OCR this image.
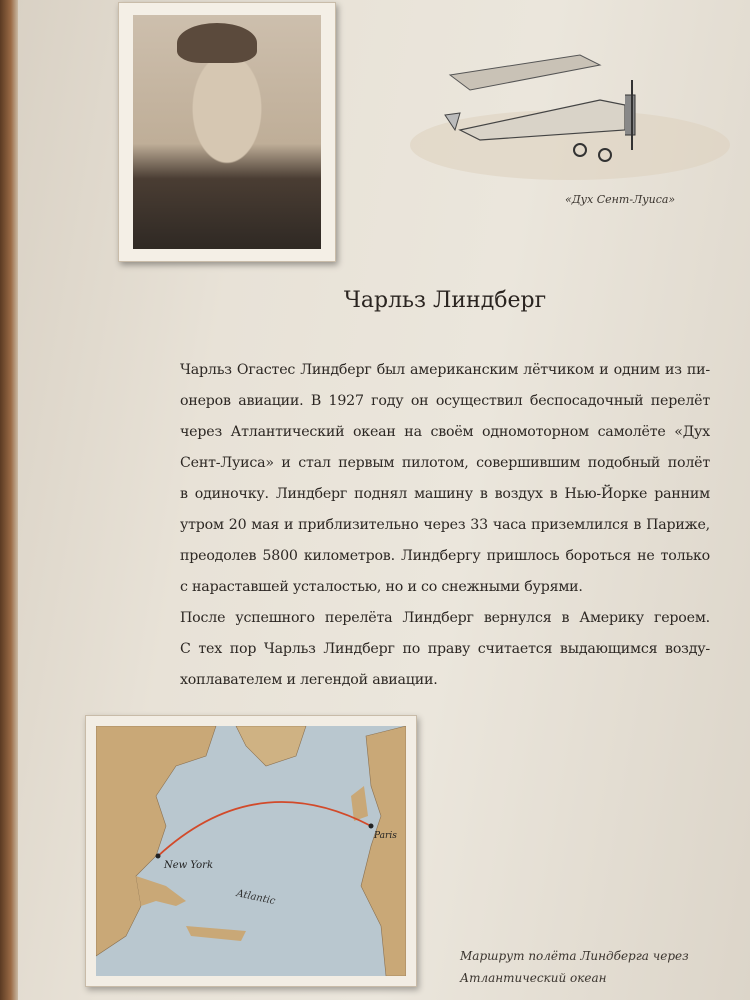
«Дух Сент-Луиса»
Чарльз Линдберг
Чарльз Огастес Линдберг был американским лётчиком и одним из пи-
онеров авиации. В 1927 году он осуществил беспосадочный перелёт
через Атлантический океан на своём одномоторном самолёте «Дух
Сент-Луиса» и стал первым пилотом, совершившим подобный полёт
в одиночку. Линдберг поднял машину в воздух в Нью-Йорке ранним
утром 20 мая и приблизительно через 33 часа приземлился в Париже,
преодолев 5800 километров. Линдбергу пришлось бороться не только
с нараставшей усталостью, но и со снежными бурями.
После успешного перелёта Линдберг вернулся в Америку героем.
С тех пор Чарльз Линдберг по праву считается выдающимся возду-
хоплавателем и легендой авиации.
New York
Paris
Atlantic
Маршрут полёта Линдберга через
Атлантический океан
